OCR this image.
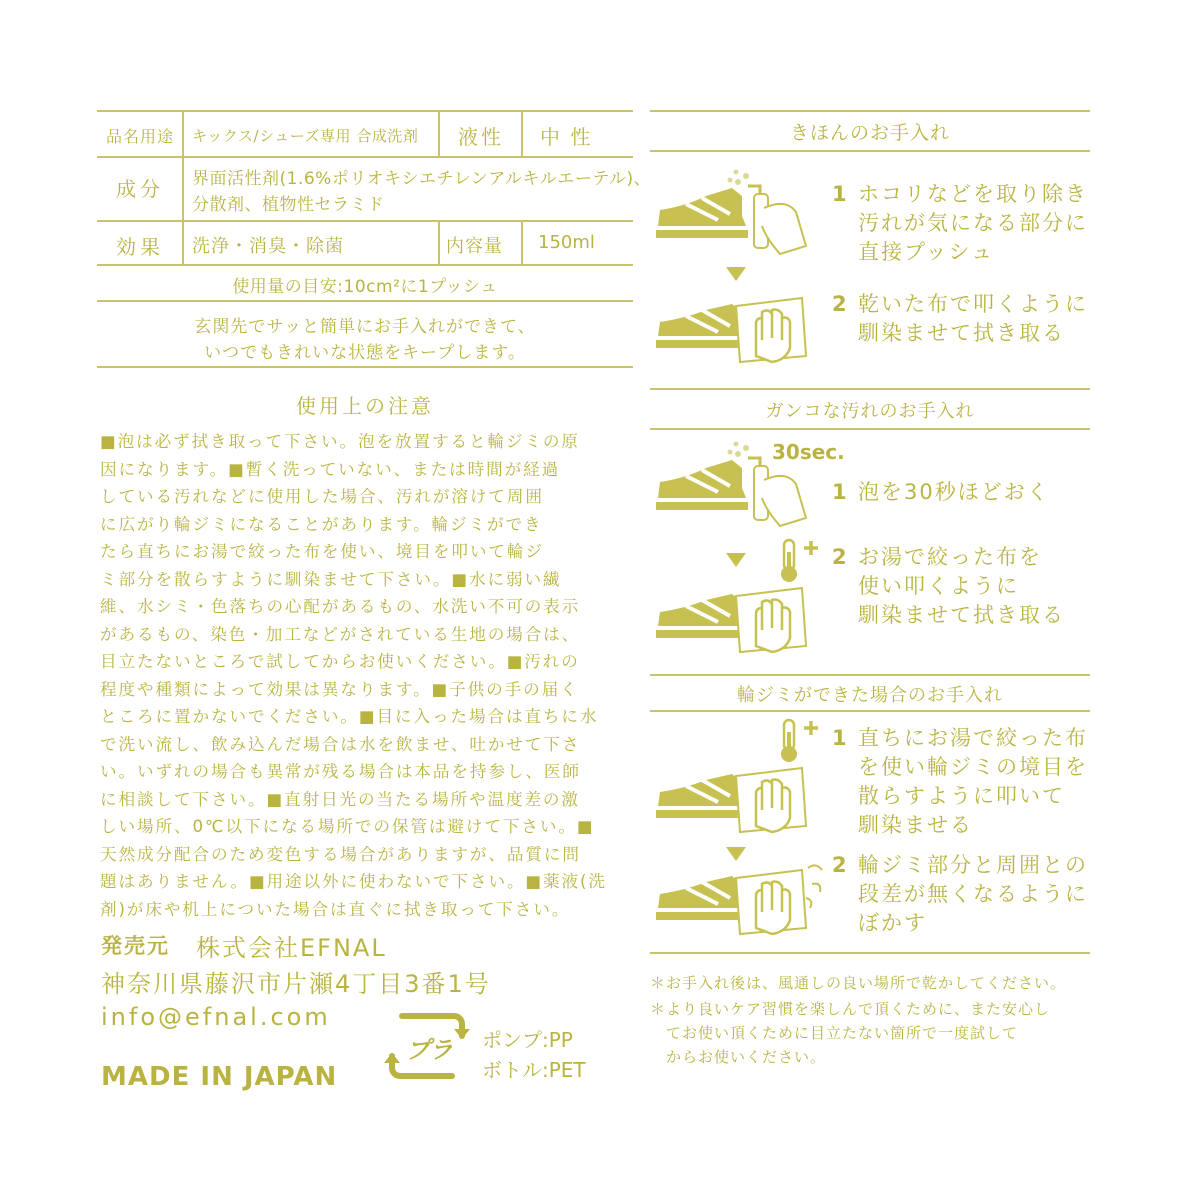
品名用途 キックス/シューズ専用 合成洗剤 液性 中 性
成分 界面活性剤(1.6%ポリオキシエチレンアルキルエーテル)、
分散剤、植物性セラミド
効果 洗浄・消臭・除菌	内容量 150ml
使用量の目安:10cm²に1プッシュ
玄関先でサッと簡単にお手入れができて、
いつでもきれいな状態をキープします。
使用上の注意
■泡は必ず拭き取って下さい。泡を放置すると輪ジミの原
因になります。■暫く洗っていない、または時間が経過
している汚れなどに使用した場合、汚れが溶けて周囲
に広がり輪ジミになることがあります。輪ジミができ
たら直ちにお湯で絞った布を使い、境目を叩いて輪ジ
ミ部分を散らすように馴染ませて下さい。■水に弱い繊
維、水シミ・色落ちの心配があるもの、水洗い不可の表示
があるもの、染色・加工などがされている生地の場合は、
目立たないところで試してからお使いください。■汚れの
程度や種類によって効果は異なります。■子供の手の届く
ところに置かないでください。■目に入った場合は直ちに水
で洗い流し、飲み込んだ場合は水を飲ませ、吐かせて下さ
い。いずれの場合も異常が残る場合は本品を持参し、医師
に相談して下さい。■直射日光の当たる場所や温度差の激
しい場所、0℃以下になる場所での保管は避けて下さい。■
天然成分配合のため変色する場合がありますが、品質に問
題はありません。■用途以外に使わないで下さい。■薬液(洗
剤)が床や机上についた場合は直ぐに拭き取って下さい。
発売元 株式会社EFNAL
神奈川県藤沢市片瀬4丁目3番1号
info@efnal.com
MADE IN JAPAN
プラ ポンプ:PP
ボトル:PET
きほんのお手入れ
ガンコな汚れのお手入れ
輪ジミができた場合のお手入れ
1 ホコリなどを取り除き
汚れが気になる部分に
直接プッシュ
2 乾いた布で叩くように
馴染ませて拭き取る
30sec.
1 泡を30秒ほどおく
2 お湯で絞った布を
使い叩くように
馴染ませて拭き取る
1 直ちにお湯で絞った布
を使い輪ジミの境目を
散らすように叩いて
馴染ませる
2 輪ジミ部分と周囲との
段差が無くなるように
ぼかす
＊お手入れ後は、風通しの良い場所で乾かしてください。
＊より良いケア習慣を楽しんで頂くために、また安心し
　てお使い頂くために目立たない箇所で一度試して
　からお使いください。
